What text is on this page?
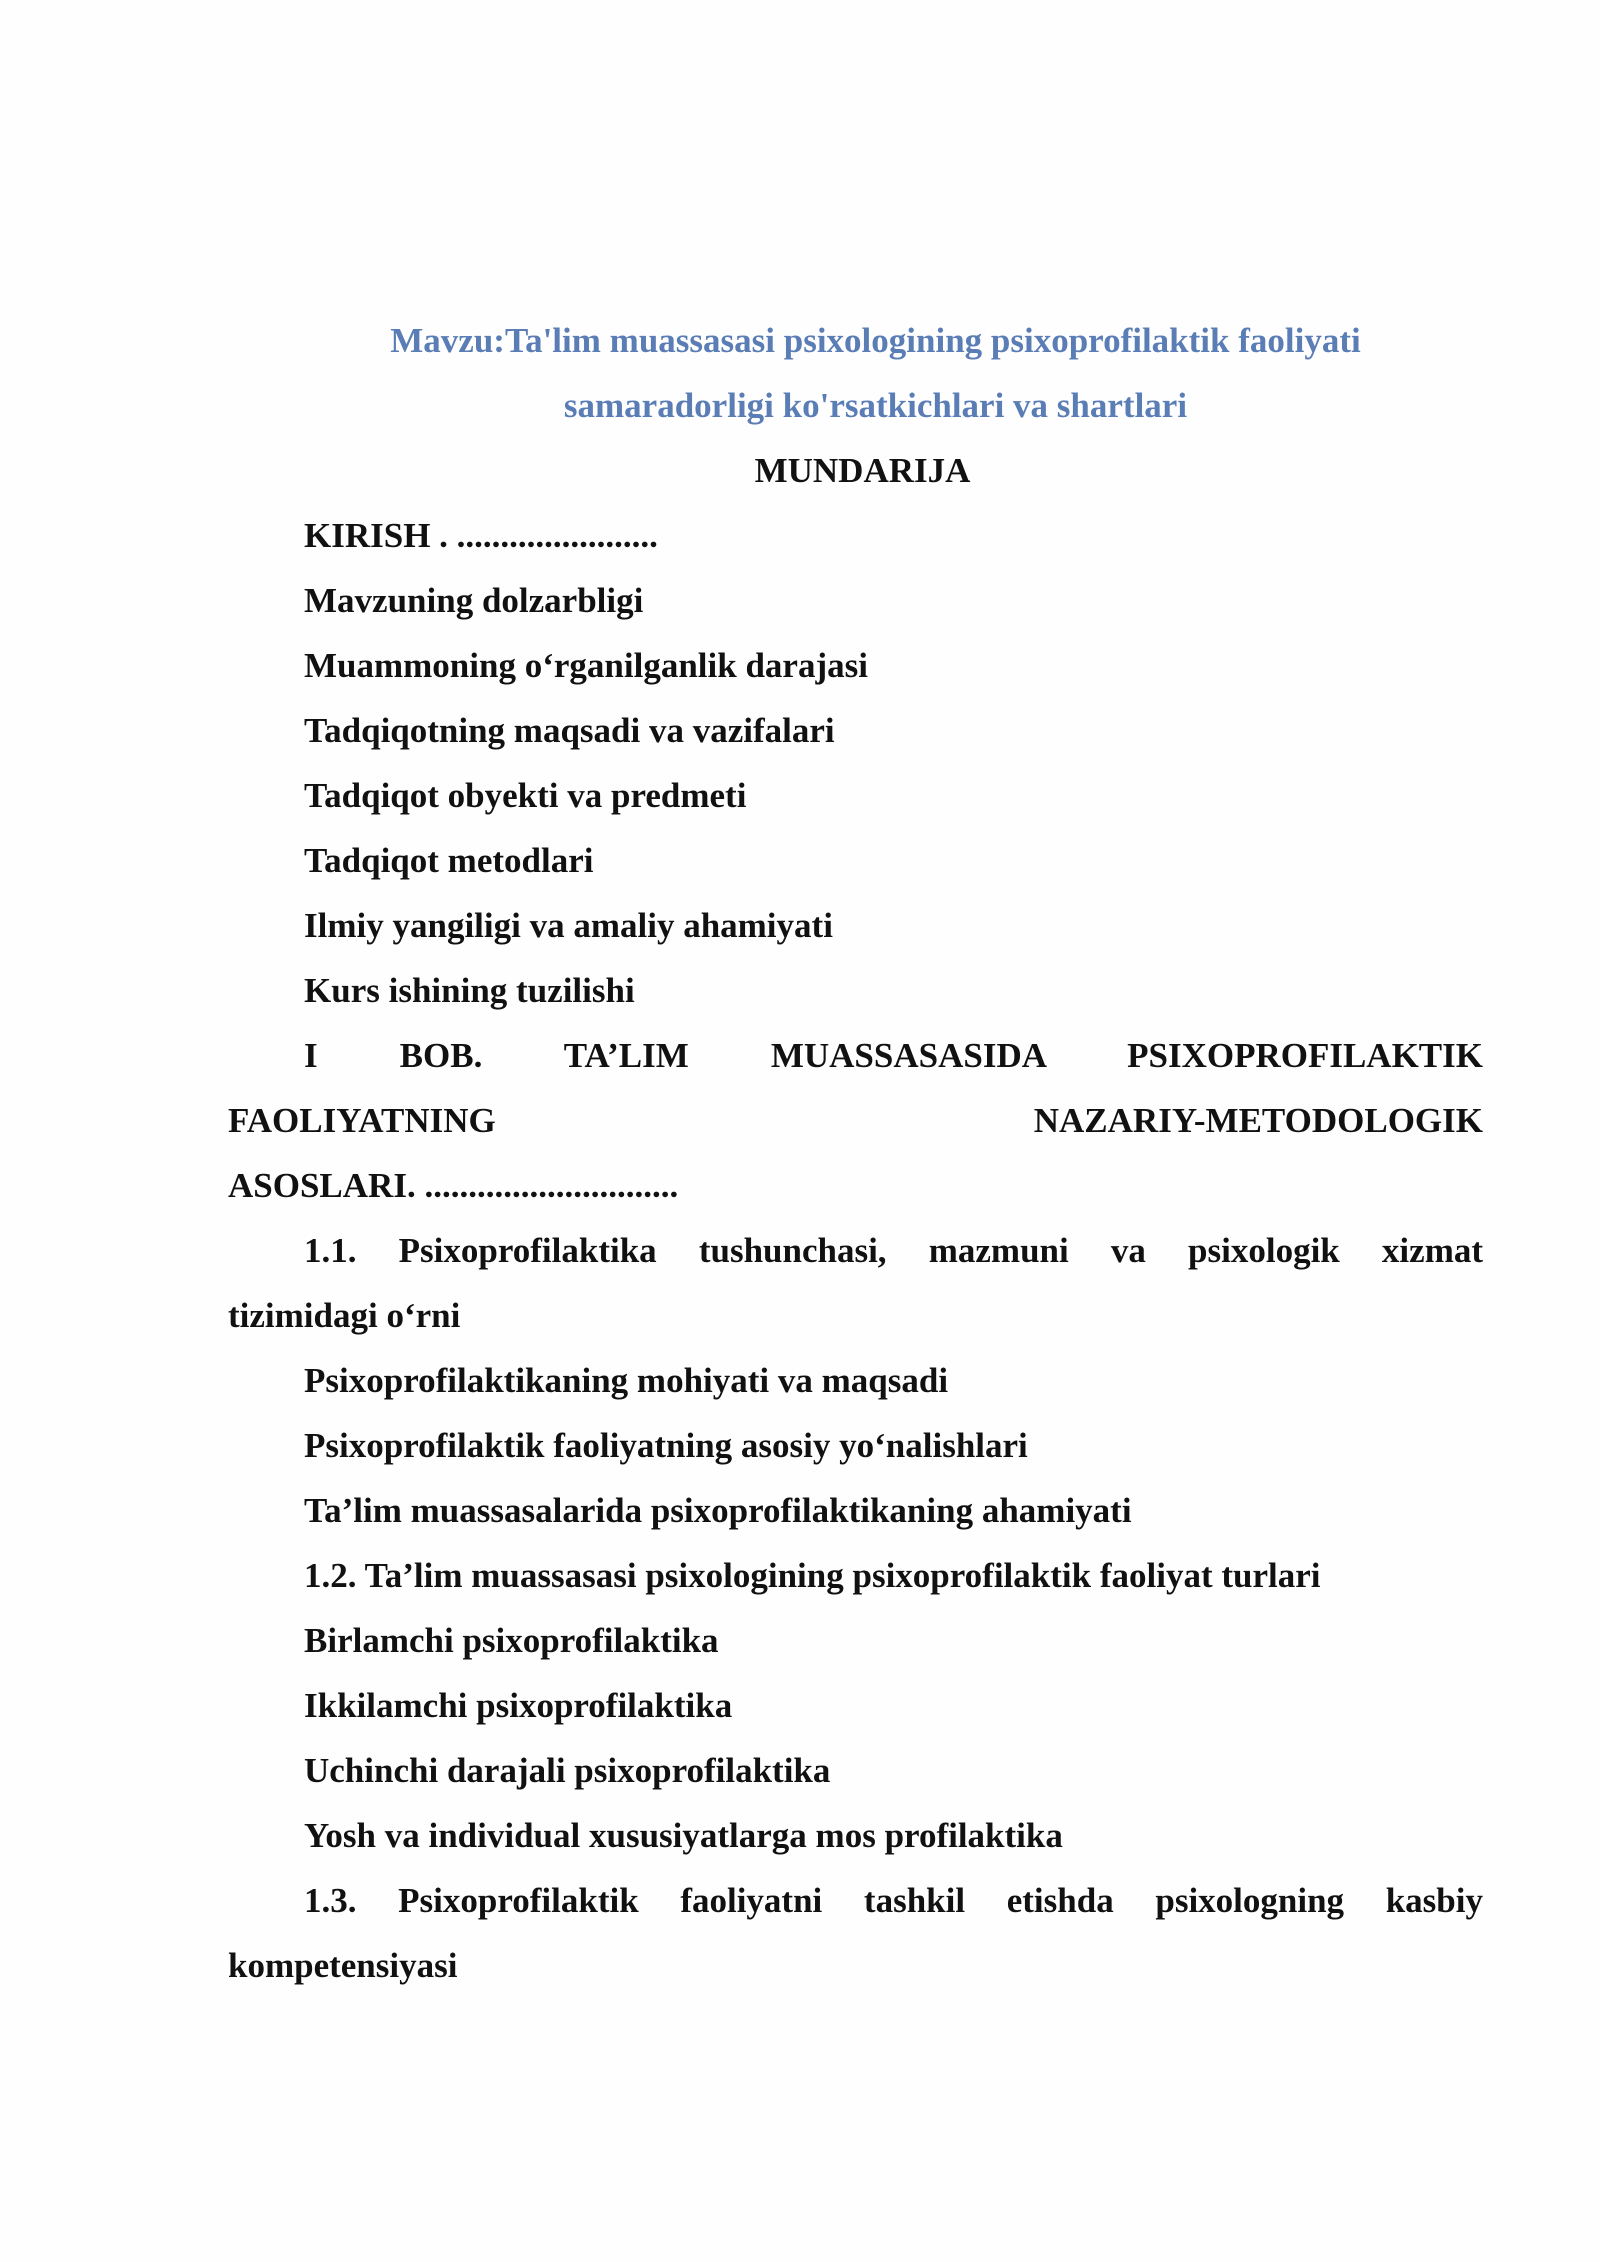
Mavzu:Ta'lim muassasasi psixologining psixoprofilaktik faoliyati
samaradorligi ko'rsatkichlari va shartlari

MUNDARIJA

KIRISH . .......................

Mavzuning dolzarbligi

Muammoning o‘rganilganlik darajasi

Tadqiqotning maqsadi va vazifalari

Tadqiqot obyekti va predmeti

Tadqiqot metodlari

Ilmiy yangiligi va amaliy ahamiyati

Kurs ishining tuzilishi

I BOB. TA’LIM MUASSASASIDA PSIXOPROFILAKTIK
FAOLIYATNING NAZARIY-METODOLOGIK
ASOSLARI. .............................
1.1. Psixoprofilaktika tushunchasi, mazmuni va psixologik xizmat
tizimidagi o‘rni

Psixoprofilaktikaning mohiyati va maqsadi

Psixoprofilaktik faoliyatning asosiy yo‘nalishlari

Ta’lim muassasalarida psixoprofilaktikaning ahamiyati

1.2. Ta’lim muassasasi psixologining psixoprofilaktik faoliyat turlari

Birlamchi psixoprofilaktika

Ikkilamchi psixoprofilaktika

Uchinchi darajali psixoprofilaktika

Yosh va individual xususiyatlarga mos profilaktika

1.3. Psixoprofilaktik faoliyatni tashkil etishda psixologning kasbiy
kompetensiyasi
